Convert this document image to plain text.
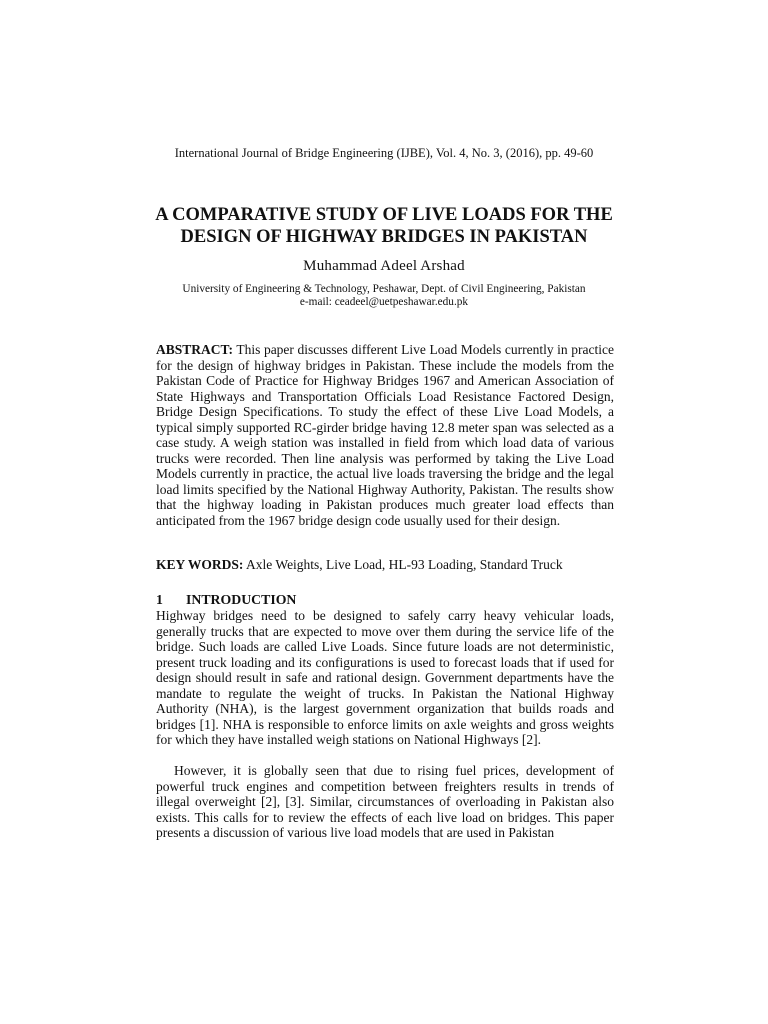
International Journal of Bridge Engineering (IJBE), Vol. 4, No. 3, (2016), pp. 49-60
A COMPARATIVE STUDY OF LIVE LOADS FOR THE
DESIGN OF HIGHWAY BRIDGES IN PAKISTAN
Muhammad Adeel Arshad
University of Engineering & Technology, Peshawar, Dept. of Civil Engineering, Pakistan
e-mail: ceadeel@uetpeshawar.edu.pk
ABSTRACT: This paper discusses different Live Load Models currently in practice for the design of highway bridges in Pakistan. These include the models from the Pakistan Code of Practice for Highway Bridges 1967 and American Association of State Highways and Transportation Officials Load Resistance Factored Design, Bridge Design Specifications. To study the effect of these Live Load Models, a typical simply supported RC-girder bridge having 12.8 meter span was selected as a case study. A weigh station was installed in field from which load data of various trucks were recorded. Then line analysis was performed by taking the Live Load Models currently in practice, the actual live loads traversing the bridge and the legal load limits specified by the National Highway Authority, Pakistan. The results show that the highway loading in Pakistan produces much greater load effects than anticipated from the 1967 bridge design code usually used for their design.
KEY WORDS: Axle Weights, Live Load, HL-93 Loading, Standard Truck
1 INTRODUCTION
Highway bridges need to be designed to safely carry heavy vehicular loads, generally trucks that are expected to move over them during the service life of the bridge. Such loads are called Live Loads. Since future loads are not deterministic, present truck loading and its configurations is used to forecast loads that if used for design should result in safe and rational design. Government departments have the mandate to regulate the weight of trucks. In Pakistan the National Highway Authority (NHA), is the largest government organization that builds roads and bridges [1]. NHA is responsible to enforce limits on axle weights and gross weights for which they have installed weigh stations on National Highways [2].
However, it is globally seen that due to rising fuel prices, development of powerful truck engines and competition between freighters results in trends of illegal overweight [2], [3]. Similar, circumstances of overloading in Pakistan also exists. This calls for to review the effects of each live load on bridges. This paper presents a discussion of various live load models that are used in Pakistan
